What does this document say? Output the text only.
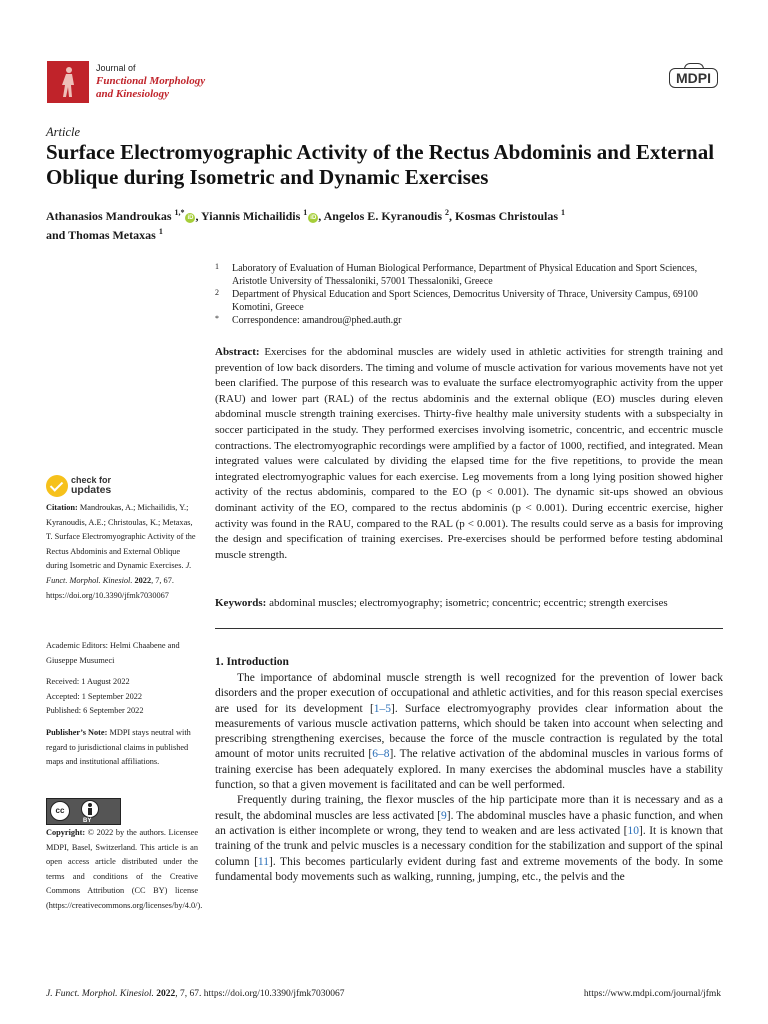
Journal of
Functional Morphology
and Kinesiology
MDPI
Article
Surface Electromyographic Activity of the Rectus Abdominis and External Oblique during Isometric and Dynamic Exercises
Athanasios Mandroukas $^{1,*}$iD , Yiannis Michailidis $^1$iD , Angelos E. Kyranoudis $^2$, Kosmas Christoulas $^1$
and Thomas Metaxas $^1$
1 Laboratory of Evaluation of Human Biological Performance, Department of Physical Education and Sport Sciences, Aristotle University of Thessaloniki, 57001 Thessaloniki, Greece
2 Department of Physical Education and Sport Sciences, Democritus University of Thrace, University Campus, 69100 Komotini, Greece
* Correspondence: amandrou@phed.auth.gr
Abstract: Exercises for the abdominal muscles are widely used in athletic activities for strength training and prevention of low back disorders. The timing and volume of muscle activation for various movements have not yet been clarified. The purpose of this research was to evaluate the surface electromyographic activity from the upper (RAU) and lower part (RAL) of the rectus abdominis and the external oblique (EO) muscles during eleven abdominal muscle strength training exercises. Thirty-five healthy male university students with a subspecialty in soccer participated in the study. They performed exercises involving isometric, concentric, and eccentric muscle contractions. The electromyographic recordings were amplified by a factor of 1000, rectified, and integrated. Mean integrated values were calculated by dividing the elapsed time for the five repetitions, to provide the mean integrated electromyographic values for each exercise. Leg movements from a long lying position showed higher activity of the rectus abdominis, compared to the EO (p < 0.001). The dynamic sit-ups showed an obvious dominant activity of the EO, compared to the rectus abdominis (p < 0.001). During eccentric exercise, higher activity was found in the RAU, compared to the RAL (p < 0.001). The results could serve as a basis for improving the design and specification of training exercises. Pre-exercises should be performed before testing abdominal muscle strength.
Keywords: abdominal muscles; electromyography; isometric; concentric; eccentric; strength exercises
1. Introduction

The importance of abdominal muscle strength is well recognized for the prevention of lower back disorders and the proper execution of occupational and athletic activities, and for this reason special exercises are used for its development [1–5]. Surface electromyography provides clear information about the measurements of various muscle activation patterns, which should be taken into account when selecting and prescribing strengthening exercises, because the force of the muscle contraction is regulated by the total amount of motor units recruited [6–8]. The relative activation of the abdominal muscles in various forms of training exercise has been adequately explored. In many exercises the abdominal muscles have a stability function, so that a given movement is facilitated and can be well performed.

Frequently during training, the flexor muscles of the hip participate more than it is necessary and as a result, the abdominal muscles are less activated [9]. The abdominal muscles have a phasic function, and when an activation is either incomplete or wrong, they tend to weaken and are less activated [10]. It is known that training of the trunk and pelvic muscles is a necessary condition for the stabilization and support of the spinal column [11]. This becomes particularly evident during fast and extreme movements of the body. In some fundamental body movements such as walking, running, jumping, etc., the pelvis and the

check for
updates
Citation: Mandroukas, A.; Michailidis, Y.; Kyranoudis, A.E.; Christoulas, K.; Metaxas, T. Surface Electromyographic Activity of the Rectus Abdominis and External Oblique during Isometric and Dynamic Exercises. J. Funct. Morphol. Kinesiol. 2022, 7, 67. https://doi.org/10.3390/jfmk7030067
Academic Editors: Helmi Chaabene and Giuseppe Musumeci
Received: 1 August 2022
Accepted: 1 September 2022
Published: 6 September 2022
Publisher’s Note: MDPI stays neutral with regard to jurisdictional claims in published maps and institutional affiliations.
cc
BY
Copyright: © 2022 by the authors. Licensee MDPI, Basel, Switzerland. This article is an open access article distributed under the terms and conditions of the Creative Commons Attribution (CC BY) license (https://creativecommons.org/licenses/by/4.0/).
J. Funct. Morphol. Kinesiol. 2022, 7, 67. https://doi.org/10.3390/jfmk7030067	https://www.mdpi.com/journal/jfmk
